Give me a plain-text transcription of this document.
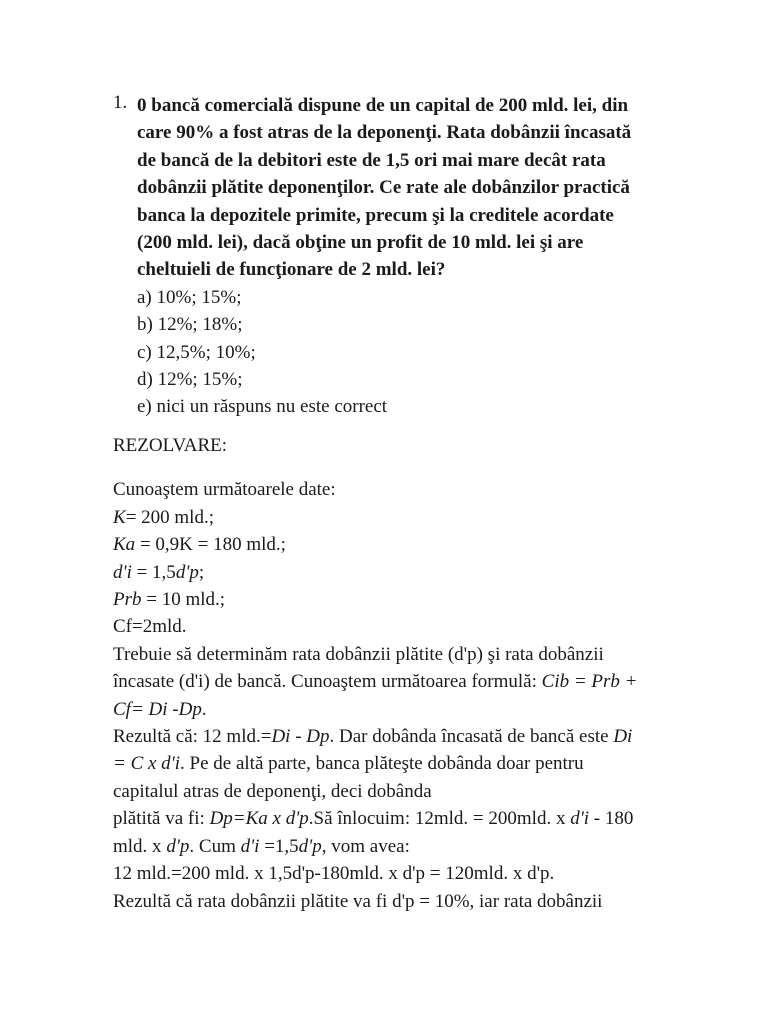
1. 0 bancă comercială dispune de un capital de 200 mld. lei, din
care 90% a fost atras de la deponenţi. Rata dobânzii încasată
de bancă de la debitori este de 1,5 ori mai mare decât rata
dobânzii plătite deponenţilor. Ce rate ale dobânzilor practică
banca la depozitele primite, precum şi la creditele acordate
(200 mld. lei), dacă obţine un profit de 10 mld. lei şi are
cheltuieli de funcţionare de 2 mld. lei?
a) 10%; 15%;
b) 12%; 18%;
c) 12,5%; 10%;
d) 12%; 15%;
e) nici un răspuns nu este correct
REZOLVARE:
Cunoaştem următoarele date:
K= 200 mld.;
Ka = 0,9K = 180 mld.;
d'i = 1,5d'p;
Prb = 10 mld.;
Cf=2mld.
Trebuie să determinăm rata dobânzii plătite (d'p) şi rata dobânzii
încasate (d'i) de bancă. Cunoaştem următoarea formulă: Cib = Prb +
Cf= Di -Dp.
Rezultă că: 12 mld.=Di - Dp. Dar dobânda încasată de bancă este Di
= C x d'i. Pe de altă parte, banca plăteşte dobânda doar pentru
capitalul atras de deponenţi, deci dobânda
plătită va fi: Dp=Ka x d'p.Să înlocuim: 12mld. = 200mld. x d'i - 180
mld. x d'p. Cum d'i =1,5d'p, vom avea:
12 mld.=200 mld. x 1,5d'p-180mld. x d'p = 120mld. x d'p.
Rezultă că rata dobânzii plătite va fi d'p = 10%, iar rata dobânzii
